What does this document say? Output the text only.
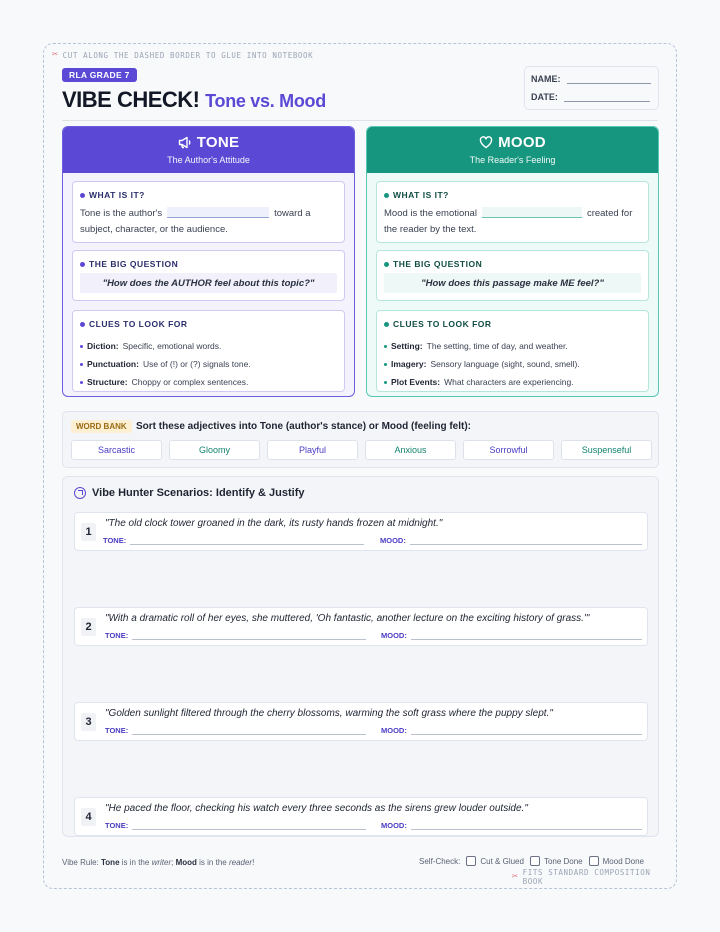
✂ CUT ALONG THE DASHED BORDER TO GLUE INTO NOTEBOOK
RLA GRADE 7
VIBE CHECK! Tone vs. Mood
NAME:
DATE:
TONE
The Author's Attitude
WHAT IS IT?
Tone is the author's	toward a subject, character, or the audience.
THE BIG QUESTION
"How does the AUTHOR feel about this topic?"
CLUES TO LOOK FOR
Diction: Specific, emotional words.
Punctuation: Use of (!) or (?) signals tone.
Structure: Choppy or complex sentences.
MOOD
The Reader's Feeling
WHAT IS IT?
Mood is the emotional	created for the reader by the text.
THE BIG QUESTION
"How does this passage make ME feel?"
CLUES TO LOOK FOR
Setting: The setting, time of day, and weather.
Imagery: Sensory language (sight, sound, smell).
Plot Events: What characters are experiencing.
WORD BANK Sort these adjectives into Tone (author's stance) or Mood (feeling felt):
Sarcastic	Gloomy	Playful	Anxious	Sorrowful	Suspenseful
Vibe Hunter Scenarios: Identify & Justify
1
"The old clock tower groaned in the dark, its rusty hands frozen at midnight."
TONE:	MOOD:
2
"With a dramatic roll of her eyes, she muttered, 'Oh fantastic, another lecture on the exciting history of grass.'"
TONE:	MOOD:
3
"Golden sunlight filtered through the cherry blossoms, warming the soft grass where the puppy slept."
TONE:	MOOD:
4
"He paced the floor, checking his watch every three seconds as the sirens grew louder outside."
TONE:	MOOD:
Vibe Rule: Tone is in the writer; Mood is in the reader!	Self-Check:	Cut & Glued	Tone Done	Mood Done
✂ FITS STANDARD COMPOSITION BOOK
